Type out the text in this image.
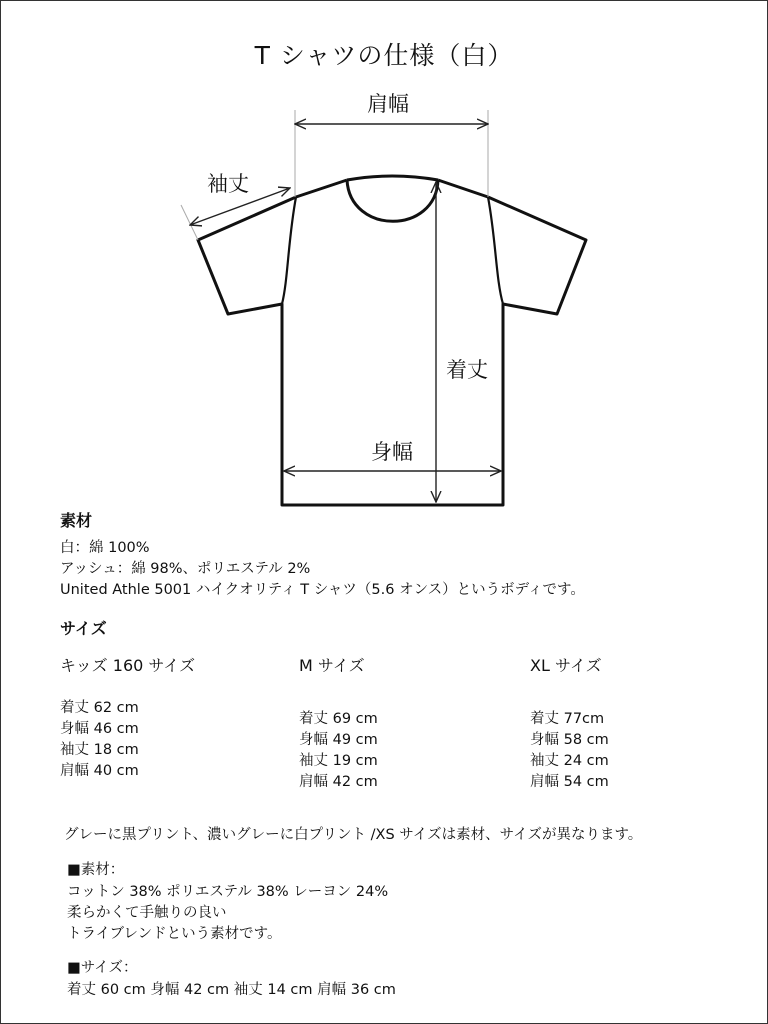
T シャツの仕様（白）
肩幅
袖丈
着丈
身幅
素材
白：綿 100%
アッシュ：綿 98%、ポリエステル 2%
United Athle 5001 ハイクオリティ T シャツ（5.6 オンス）というボディです。
サイズ
キッズ 160 サイズ	M サイズ	XL サイズ
着丈 62 cm
身幅 46 cm
袖丈 18 cm
肩幅 40 cm
着丈 69 cm
身幅 49 cm
袖丈 19 cm
肩幅 42 cm
着丈 77cm
身幅 58 cm
袖丈 24 cm
肩幅 54 cm
グレーに黒プリント、濃いグレーに白プリント /XS サイズは素材、サイズが異なります。
■素材：
コットン 38% ポリエステル 38% レーヨン 24%
柔らかくて手触りの良い
トライブレンドという素材です。
■サイズ：
着丈 60 cm 身幅 42 cm 袖丈 14 cm 肩幅 36 cm
